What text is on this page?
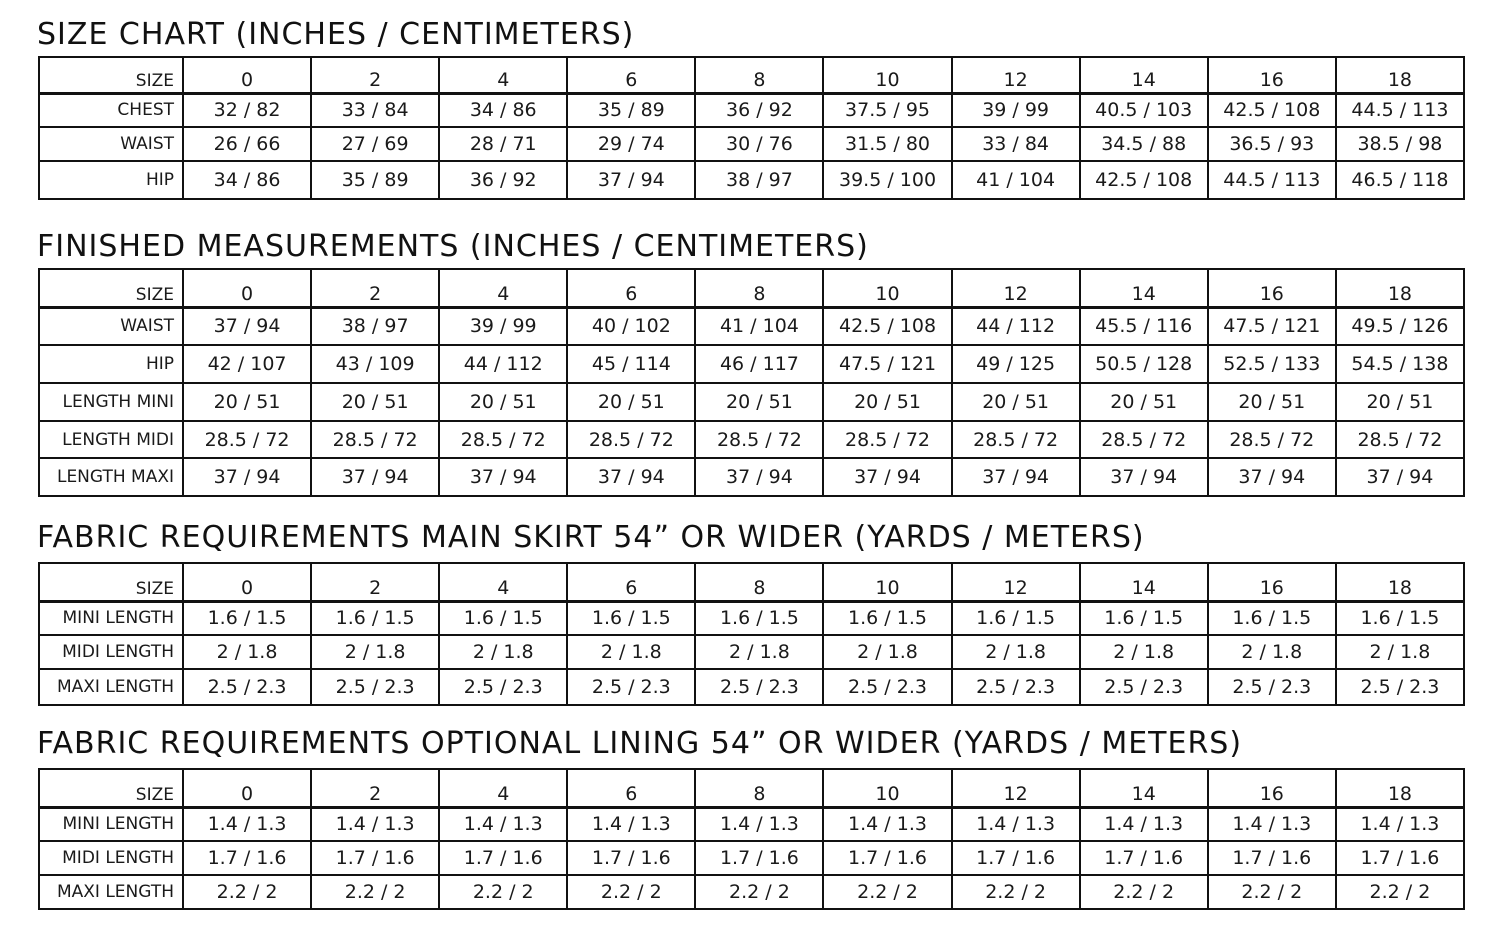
SIZE CHART (INCHES / CENTIMETERS)
SIZE	0	2	4	6	8	10	12	14	16	18
CHEST	32 / 82	33 / 84	34 / 86	35 / 89	36 / 92	37.5 / 95	39 / 99	40.5 / 103	42.5 / 108	44.5 / 113
WAIST	26 / 66	27 / 69	28 / 71	29 / 74	30 / 76	31.5 / 80	33 / 84	34.5 / 88	36.5 / 93	38.5 / 98
HIP	34 / 86	35 / 89	36 / 92	37 / 94	38 / 97	39.5 / 100	41 / 104	42.5 / 108	44.5 / 113	46.5 / 118
FINISHED MEASUREMENTS (INCHES / CENTIMETERS)
SIZE	0	2	4	6	8	10	12	14	16	18
WAIST	37 / 94	38 / 97	39 / 99	40 / 102	41 / 104	42.5 / 108	44 / 112	45.5 / 116	47.5 / 121	49.5 / 126
HIP	42 / 107	43 / 109	44 / 112	45 / 114	46 / 117	47.5 / 121	49 / 125	50.5 / 128	52.5 / 133	54.5 / 138
LENGTH MINI	20 / 51	20 / 51	20 / 51	20 / 51	20 / 51	20 / 51	20 / 51	20 / 51	20 / 51	20 / 51
LENGTH MIDI	28.5 / 72	28.5 / 72	28.5 / 72	28.5 / 72	28.5 / 72	28.5 / 72	28.5 / 72	28.5 / 72	28.5 / 72	28.5 / 72
LENGTH MAXI	37 / 94	37 / 94	37 / 94	37 / 94	37 / 94	37 / 94	37 / 94	37 / 94	37 / 94	37 / 94
FABRIC REQUIREMENTS MAIN SKIRT 54” OR WIDER (YARDS / METERS)
SIZE	0	2	4	6	8	10	12	14	16	18
MINI LENGTH	1.6 / 1.5	1.6 / 1.5	1.6 / 1.5	1.6 / 1.5	1.6 / 1.5	1.6 / 1.5	1.6 / 1.5	1.6 / 1.5	1.6 / 1.5	1.6 / 1.5
MIDI LENGTH	2 / 1.8	2 / 1.8	2 / 1.8	2 / 1.8	2 / 1.8	2 / 1.8	2 / 1.8	2 / 1.8	2 / 1.8	2 / 1.8
MAXI LENGTH	2.5 / 2.3	2.5 / 2.3	2.5 / 2.3	2.5 / 2.3	2.5 / 2.3	2.5 / 2.3	2.5 / 2.3	2.5 / 2.3	2.5 / 2.3	2.5 / 2.3
FABRIC REQUIREMENTS OPTIONAL LINING 54” OR WIDER (YARDS / METERS)
SIZE	0	2	4	6	8	10	12	14	16	18
MINI LENGTH	1.4 / 1.3	1.4 / 1.3	1.4 / 1.3	1.4 / 1.3	1.4 / 1.3	1.4 / 1.3	1.4 / 1.3	1.4 / 1.3	1.4 / 1.3	1.4 / 1.3
MIDI LENGTH	1.7 / 1.6	1.7 / 1.6	1.7 / 1.6	1.7 / 1.6	1.7 / 1.6	1.7 / 1.6	1.7 / 1.6	1.7 / 1.6	1.7 / 1.6	1.7 / 1.6
MAXI LENGTH	2.2 / 2	2.2 / 2	2.2 / 2	2.2 / 2	2.2 / 2	2.2 / 2	2.2 / 2	2.2 / 2	2.2 / 2	2.2 / 2
